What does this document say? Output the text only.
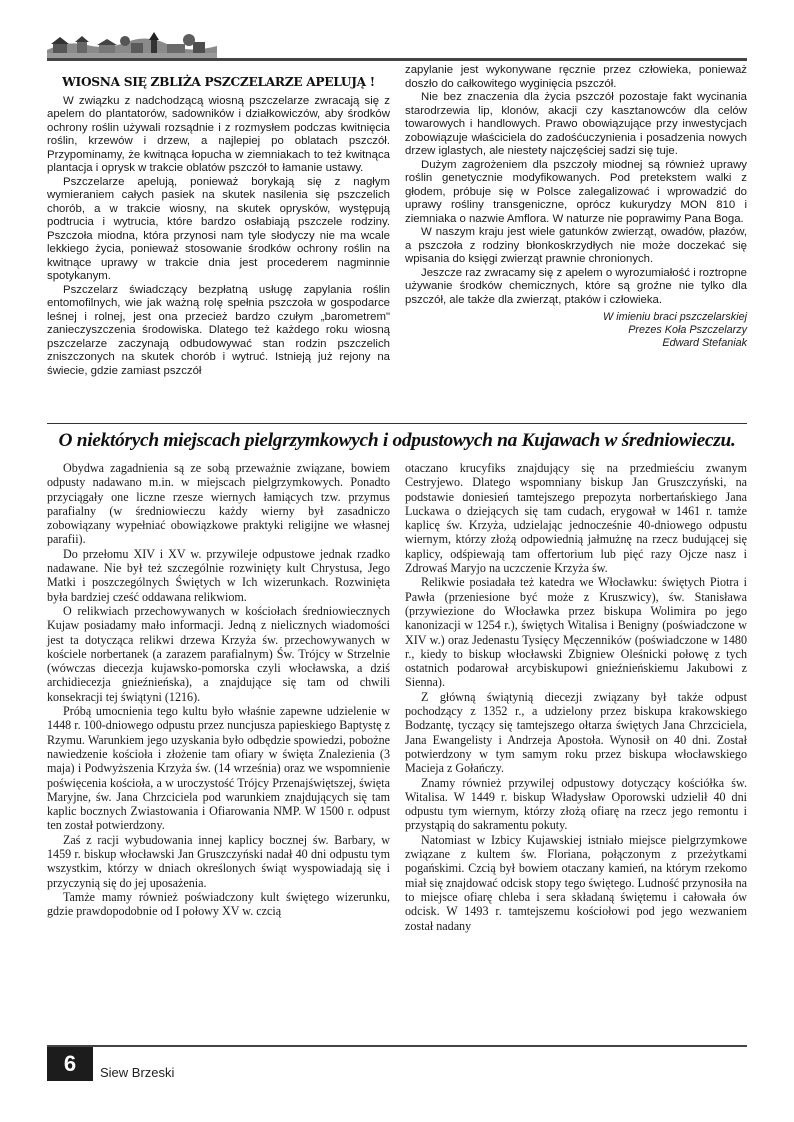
WIOSNA SIĘ ZBLIŻA PSZCZELARZE APELUJĄ !

W związku z nadchodzącą wiosną pszczelarze zwracają się z apelem do plantatorów, sadowników i działkowiczów, aby środków ochrony roślin używali rozsądnie i z rozmysłem podczas kwitnięcia roślin, krzewów i drzew, a najlepiej po oblatach pszczół. Przypominamy, że kwitnąca łopucha w ziemniakach to też kwitnąca plantacja i oprysk w trakcie oblatów pszczół to łamanie ustawy.

Pszczelarze apelują, ponieważ borykają się z nagłym wymieraniem całych pasiek na skutek nasilenia się pszczelich chorób, a w trakcie wiosny, na skutek oprysków, występują podtrucia i wytrucia, które bardzo osłabiają pszczele rodziny. Pszczoła miodna, która przynosi nam tyle słodyczy nie ma wcale lekkiego życia, ponieważ stosowanie środków ochrony roślin na kwitnące uprawy w trakcie dnia jest procederem nagminnie spotykanym.

Pszczelarz świadczący bezpłatną usługę zapylania roślin entomofilnych, wie jak ważną rolę spełnia pszczoła w gospodarce leśnej i rolnej, jest ona przecież bardzo czułym „barometrem" zanieczyszczenia środowiska. Dlatego też każdego roku wiosną pszczelarze zaczynają odbudowywać stan rodzin pszczelich zniszczonych na skutek chorób i wytruć. Istnieją już rejony na świecie, gdzie zamiast pszczół

zapylanie jest wykonywane ręcznie przez człowieka, ponieważ doszło do całkowitego wyginięcia pszczół.

Nie bez znaczenia dla życia pszczół pozostaje fakt wycinania starodrzewia lip, klonów, akacji czy kasztanowców dla celów towarowych i handlowych. Prawo obowiązujące przy inwestycjach zobowiązuje właściciela do zadośćuczynienia i posadzenia nowych drzew iglastych, ale niestety najczęściej sadzi się tuje.

Dużym zagrożeniem dla pszczoły miodnej są również uprawy roślin genetycznie modyfikowanych. Pod pretekstem walki z głodem, próbuje się w Polsce zalegalizować i wprowadzić do uprawy rośliny transgeniczne, oprócz kukurydzy MON 810 i ziemniaka o nazwie Amflora. W naturze nie poprawimy Pana Boga.

W naszym kraju jest wiele gatunków zwierząt, owadów, płazów, a pszczoła z rodziny błonkoskrzydłych nie może doczekać się wpisania do księgi zwierząt prawnie chronionych.

Jeszcze raz zwracamy się z apelem o wyrozumiałość i roztropne używanie środków chemicznych, które są groźne nie tylko dla pszczół, ale także dla zwierząt, ptaków i człowieka.

W imieniu braci pszczelarskiej
Prezes Koła Pszczelarzy
Edward Stefaniak
O niektórych miejscach pielgrzymkowych i odpustowych na Kujawach w średniowieczu.

Obydwa zagadnienia są ze sobą przeważnie związane, bowiem odpusty nadawano m.in. w miejscach pielgrzymkowych. Ponadto przyciągały one liczne rzesze wiernych łamiących tzw. przymus parafialny (w średniowieczu każdy wierny był zasadniczo zobowiązany wypełniać obowiązkowe praktyki religijne we własnej parafii).

Do przełomu XIV i XV w. przywileje odpustowe jednak rzadko nadawane. Nie był też szczególnie rozwinięty kult Chrystusa, Jego Matki i poszczególnych Świętych w Ich wizerunkach. Rozwinięta była bardziej cześć oddawana relikwiom.

O relikwiach przechowywanych w kościołach średniowiecznych Kujaw posiadamy mało informacji. Jedną z nielicznych wiadomości jest ta dotycząca relikwi drzewa Krzyża św. przechowywanych w kościele norbertanek (a zarazem parafialnym) Św. Trójcy w Strzelnie (wówczas diecezja kujawsko-pomorska czyli włocławska, a dziś archidiecezja gnieźnieńska), a znajdujące się tam od chwili konsekracji tej świątyni (1216).

Próbą umocnienia tego kultu było właśnie zapewne udzielenie w 1448 r. 100-dniowego odpustu przez nuncjusza papieskiego Baptystę z Rzymu. Warunkiem jego uzyskania było odbędzie spowiedzi, pobożne nawiedzenie kościoła i złożenie tam ofiary w święta Znalezienia (3 maja) i Podwyższenia Krzyża św. (14 września) oraz we wspomnienie poświęcenia kościoła, a w uroczystość Trójcy Przenajświętszej, święta Maryjne, św. Jana Chrzciciela pod warunkiem znajdujących się tam kaplic bocznych Zwiastowania i Ofiarowania NMP. W 1500 r. odpust ten został potwierdzony.

Zaś z racji wybudowania innej kaplicy bocznej św. Barbary, w 1459 r. biskup włocławski Jan Gruszczyński nadał 40 dni odpustu tym wszystkim, którzy w dniach określonych świąt wyspowiadają się i przyczynią się do jej uposażenia.

Tamże mamy również poświadczony kult świętego wizerunku, gdzie prawdopodobnie od I połowy XV w. czcią

otaczano krucyfiks znajdujący się na przedmieściu zwanym Cestryjewo. Dlatego wspomniany biskup Jan Gruszczyński, na podstawie doniesień tamtejszego prepozyta norbertańskiego Jana Luckawa o dziejących się tam cudach, erygował w 1461 r. tamże kaplicę św. Krzyża, udzielając jednocześnie 40-dniowego odpustu wiernym, którzy złożą odpowiednią jałmużnę na rzecz budującej się kaplicy, odśpiewają tam offertorium lub pięć razy Ojcze nasz i Zdrowaś Maryjo na uczczenie Krzyża św.

Relikwie posiadała też katedra we Włocławku: świętych Piotra i Pawła (przeniesione być może z Kruszwicy), św. Stanisława (przywiezione do Włocławka przez biskupa Wolimira po jego kanonizacji w 1254 r.), świętych Witalisa i Benigny (poświadczone w XIV w.) oraz Jedenastu Tysięcy Męczenników (poświadczone w 1480 r., kiedy to biskup włocławski Zbigniew Oleśnicki połowę z tych ostatnich podarował arcybiskupowi gnieźnieńskiemu Jakubowi z Sienna).

Z główną świątynią diecezji związany był także odpust pochodzący z 1352 r., a udzielony przez biskupa krakowskiego Bodzantę, tyczący się tamtejszego ołtarza świętych Jana Chrzciciela, Jana Ewangelisty i Andrzeja Apostoła. Wynosił on 40 dni. Został potwierdzony w tym samym roku przez biskupa włocławskiego Macieja z Gołańczy.

Znamy również przywilej odpustowy dotyczący kościółka św. Witalisa. W 1449 r. biskup Władysław Oporowski udzielił 40 dni odpustu tym wiernym, którzy złożą ofiarę na rzecz jego remontu i przystąpią do sakramentu pokuty.

Natomiast w Izbicy Kujawskiej istniało miejsce pielgrzymkowe związane z kultem św. Floriana, połączonym z przeżytkami pogańskimi. Czcią był bowiem otaczany kamień, na którym rzekomo miał się znajdować odcisk stopy tego świętego. Ludność przynosiła na to miejsce ofiarę chleba i sera składaną świętemu i całowała ów odcisk. W 1493 r. tamtejszemu kościołowi pod jego wezwaniem został nadany

6	Siew Brzeski
